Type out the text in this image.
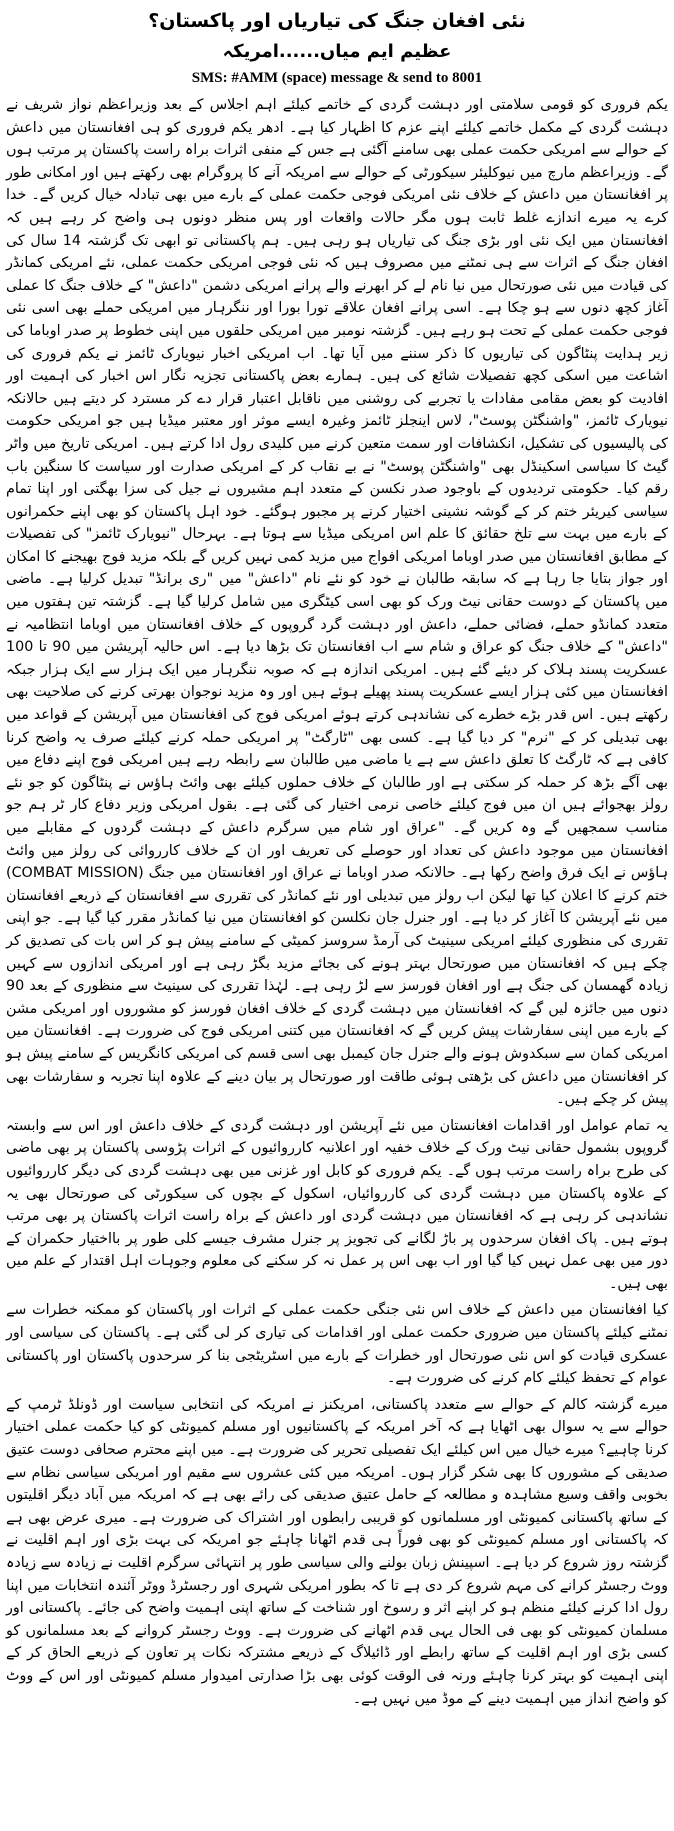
نئی افغان جنگ کی تیاریاں اور پاکستان؟
عظیم ایم میاں......امریکہ
SMS: #AMM (space) message & send to 8001

یکم فروری کو قومی سلامتی اور دہشت گردی کے خاتمے کیلئے اہم اجلاس کے بعد وزیراعظم نواز شریف نے دہشت گردی کے مکمل خاتمے کیلئے اپنے عزم کا اظہار کیا ہے۔ ادھر یکم فروری کو ہی افغانستان میں داعش کے حوالے سے امریکی حکمت عملی بھی سامنے آگئی ہے جس کے منفی اثرات براہ راست پاکستان پر مرتب ہوں گے۔ وزیراعظم مارچ میں نیوکلیئر سیکورٹی کے حوالے سے امریکہ آنے کا پروگرام بھی رکھتے ہیں اور امکانی طور پر افغانستان میں داعش کے خلاف نئی امریکی فوجی حکمت عملی کے بارے میں بھی تبادلہ خیال کریں گے۔ خدا کرے یہ میرے اندازے غلط ثابت ہوں مگر حالات واقعات اور پس منظر دونوں ہی واضح کر رہے ہیں کہ افغانستان میں ایک نئی اور بڑی جنگ کی تیاریاں ہو رہی ہیں۔ ہم پاکستانی تو ابھی تک گزشتہ 14 سال کی افغان جنگ کے اثرات سے ہی نمٹنے میں مصروف ہیں کہ نئی فوجی امریکی حکمت عملی، نئے امریکی کمانڈر کی قیادت میں نئی صورتحال میں نیا نام لے کر ابھرنے والے پرانے امریکی دشمن "داعش" کے خلاف جنگ کا عملی آغاز کچھ دنوں سے ہو چکا ہے۔ اسی پرانے افغان علاقے تورا بورا اور ننگرہار میں امریکی حملے بھی اسی نئی فوجی حکمت عملی کے تحت ہو رہے ہیں۔ گزشتہ نومبر میں امریکی حلقوں میں اپنی خطوط پر صدر اوباما کی زیر ہدایت پنٹاگون کی تیاریوں کا ذکر سننے میں آیا تھا۔ اب امریکی اخبار نیویارک ٹائمز نے یکم فروری کی اشاعت میں اسکی کچھ تفصیلات شائع کی ہیں۔ ہمارے بعض پاکستانی تجزیہ نگار اس اخبار کی اہمیت اور افادیت کو بعض مقامی مفادات یا تجربے کی روشنی میں ناقابل اعتبار قرار دے کر مسترد کر دیتے ہیں حالانکہ نیویارک ٹائمز، "واشنگٹن پوسٹ"، لاس اینجلز ٹائمز وغیرہ ایسے موثر اور معتبر میڈیا ہیں جو امریکی حکومت کی پالیسیوں کی تشکیل، انکشافات اور سمت متعین کرنے میں کلیدی رول ادا کرتے ہیں۔ امریکی تاریخ میں واٹر گیٹ کا سیاسی اسکینڈل بھی "واشنگٹن پوسٹ" نے بے نقاب کر کے امریکی صدارت اور سیاست کا سنگین باب رقم کیا۔ حکومتی تردیدوں کے باوجود صدر نکسن کے متعدد اہم مشیروں نے جیل کی سزا بھگتی اور اپنا تمام سیاسی کیریئر ختم کر کے گوشہ نشینی اختیار کرنے پر مجبور ہوگئے۔ خود اہل پاکستان کو بھی اپنے حکمرانوں کے بارے میں بہت سے تلخ حقائق کا علم اس امریکی میڈیا سے ہوتا ہے۔ بہرحال "نیویارک ٹائمز" کی تفصیلات کے مطابق افغانستان میں صدر اوباما امریکی افواج میں مزید کمی نہیں کریں گے بلکہ مزید فوج بھیجنے کا امکان اور جواز بتایا جا رہا ہے کہ سابقہ طالبان نے خود کو نئے نام "داعش" میں "ری برانڈ" تبدیل کرلیا ہے۔ ماضی میں پاکستان کے دوست حقانی نیٹ ورک کو بھی اسی کیٹگری میں شامل کرلیا گیا ہے۔ گزشتہ تین ہفتوں میں متعدد کمانڈو حملے، فضائی حملے، داعش اور دہشت گرد گروپوں کے خلاف افغانستان میں اوباما انتظامیہ نے "داعش" کے خلاف جنگ کو عراق و شام سے اب افغانستان تک بڑھا دیا ہے۔ اس حالیہ آپریشن میں 90 تا 100 عسکریت پسند ہلاک کر دیئے گئے ہیں۔ امریکی اندازہ ہے کہ صوبہ ننگرہار میں ایک ہزار سے ایک ہزار جبکہ افغانستان میں کئی ہزار ایسے عسکریت پسند پھیلے ہوئے ہیں اور وہ مزید نوجوان بھرتی کرنے کی صلاحیت بھی رکھتے ہیں۔ اس قدر بڑے خطرے کی نشاندہی کرتے ہوئے امریکی فوج کی افغانستان میں آپریشن کے قواعد میں بھی تبدیلی کر کے "نرم" کر دیا گیا ہے۔ کسی بھی "ٹارگٹ" پر امریکی حملہ کرنے کیلئے صرف یہ واضح کرنا کافی ہے کہ ٹارگٹ کا تعلق داعش سے ہے یا ماضی میں طالبان سے رابطہ رہے ہیں امریکی فوج اپنے دفاع میں بھی آگے بڑھ کر حملہ کر سکتی ہے اور طالبان کے خلاف حملوں کیلئے بھی وائٹ ہاؤس نے پنٹاگون کو جو نئے رولز بھجوائے ہیں ان میں فوج کیلئے خاصی نرمی اختیار کی گئی ہے۔ بقول امریکی وزیر دفاع کار ٹر ہم جو مناسب سمجھیں گے وہ کریں گے۔ "عراق اور شام میں سرگرم داعش کے دہشت گردوں کے مقابلے میں افغانستان میں موجود داعش کی تعداد اور حوصلے کی تعریف اور ان کے خلاف کارروائی کی رولز میں وائٹ ہاؤس نے ایک فرق واضح رکھا ہے۔ حالانکہ صدر اوباما نے عراق اور افغانستان میں جنگ (COMBAT MISSION) ختم کرنے کا اعلان کیا تھا لیکن اب رولز میں تبدیلی اور نئے کمانڈر کی تقرری سے افغانستان کے ذریعے افغانستان میں نئے آپریشن کا آغاز کر دیا ہے۔ اور جنرل جان نکلسن کو افغانستان میں نیا کمانڈر مقرر کیا گیا ہے۔ جو اپنی تقرری کی منظوری کیلئے امریکی سینیٹ کی آرمڈ سروسز کمیٹی کے سامنے پیش ہو کر اس بات کی تصدیق کر چکے ہیں کہ افغانستان میں صورتحال بہتر ہونے کی بجائے مزید بگڑ رہی ہے اور امریکی اندازوں سے کہیں زیادہ گھمسان کی جنگ ہے اور افغان فورسز سے لڑ رہی ہے۔ لہٰذا تقرری کی سینیٹ سے منظوری کے بعد 90 دنوں میں جائزہ لیں گے کہ افغانستان میں دہشت گردی کے خلاف افغان فورسز کو مشوروں اور امریکی مشن کے بارے میں اپنی سفارشات پیش کریں گے کہ افغانستان میں کتنی امریکی فوج کی ضرورت ہے۔ افغانستان میں امریکی کمان سے سبکدوش ہونے والے جنرل جان کیمبل بھی اسی قسم کی امریکی کانگریس کے سامنے پیش ہو کر افغانستان میں داعش کی بڑھتی ہوئی طاقت اور صورتحال پر بیان دینے کے علاوہ اپنا تجربہ و سفارشات بھی پیش کر چکے ہیں۔

یہ تمام عوامل اور اقدامات افغانستان میں نئے آپریشن اور دہشت گردی کے خلاف داعش اور اس سے وابستہ گروپوں بشمول حقانی نیٹ ورک کے خلاف خفیہ اور اعلانیہ کارروائیوں کے اثرات پڑوسی پاکستان پر بھی ماضی کی طرح براہ راست مرتب ہوں گے۔ یکم فروری کو کابل اور غزنی میں بھی دہشت گردی کی دیگر کارروائیوں کے علاوہ پاکستان میں دہشت گردی کی کارروائیاں، اسکول کے بچوں کی سیکورٹی کی صورتحال بھی یہ نشاندہی کر رہی ہے کہ افغانستان میں دہشت گردی اور داعش کے براہ راست اثرات پاکستان پر بھی مرتب ہوتے ہیں۔ پاک افغان سرحدوں پر باڑ لگانے کی تجویز پر جنرل مشرف جیسے کلی طور پر بااختیار حکمران کے دور میں بھی عمل نہیں کیا گیا اور اب بھی اس پر عمل نہ کر سکنے کی معلوم وجوہات اہل اقتدار کے علم میں بھی ہیں۔

کیا افغانستان میں داعش کے خلاف اس نئی جنگی حکمت عملی کے اثرات اور پاکستان کو ممکنہ خطرات سے نمٹنے کیلئے پاکستان میں ضروری حکمت عملی اور اقدامات کی تیاری کر لی گئی ہے۔ پاکستان کی سیاسی اور عسکری قیادت کو اس نئی صورتحال اور خطرات کے بارے میں اسٹریٹجی بنا کر سرحدوں پاکستان اور پاکستانی عوام کے تحفظ کیلئے کام کرنے کی ضرورت ہے۔

میرے گزشتہ کالم کے حوالے سے متعدد پاکستانی، امریکنز نے امریکہ کی انتخابی سیاست اور ڈونلڈ ٹرمپ کے حوالے سے یہ سوال بھی اٹھایا ہے کہ آخر امریکہ کے پاکستانیوں اور مسلم کمیونٹی کو کیا حکمت عملی اختیار کرنا چاہیے؟ میرے خیال میں اس کیلئے ایک تفصیلی تحریر کی ضرورت ہے۔ میں اپنے محترم صحافی دوست عتیق صدیقی کے مشوروں کا بھی شکر گزار ہوں۔ امریکہ میں کئی عشروں سے مقیم اور امریکی سیاسی نظام سے بخوبی واقف وسیع مشاہدہ و مطالعہ کے حامل عتیق صدیقی کی رائے بھی ہے کہ امریکہ میں آباد دیگر اقلیتوں کے ساتھ پاکستانی کمیونٹی اور مسلمانوں کو قریبی رابطوں اور اشتراک کی ضرورت ہے۔ میری عرض بھی ہے کہ پاکستانی اور مسلم کمیونٹی کو بھی فوراً ہی قدم اٹھانا چاہئے جو امریکہ کی بہت بڑی اور اہم اقلیت نے گزشتہ روز شروع کر دیا ہے۔ اسپینش زبان بولنے والی سیاسی طور پر انتہائی سرگرم اقلیت نے زیادہ سے زیادہ ووٹ رجسٹر کرانے کی مہم شروع کر دی ہے تا کہ بطور امریکی شہری اور رجسٹرڈ ووٹر آئندہ انتخابات میں اپنا رول ادا کرنے کیلئے منظم ہو کر اپنے اثر و رسوخ اور شناخت کے ساتھ اپنی اہمیت واضح کی جائے۔ پاکستانی اور مسلمان کمیونٹی کو بھی فی الحال یہی قدم اٹھانے کی ضرورت ہے۔ ووٹ رجسٹر کروانے کے بعد مسلمانوں کو کسی بڑی اور اہم اقلیت کے ساتھ رابطے اور ڈائیلاگ کے ذریعے مشترکہ نکات پر تعاون کے ذریعے الحاق کر کے اپنی اہمیت کو بہتر کرنا چاہئے ورنہ فی الوقت کوئی بھی بڑا صدارتی امیدوار مسلم کمیونٹی اور اس کے ووٹ کو واضح انداز میں اہمیت دینے کے موڈ میں نہیں ہے۔
